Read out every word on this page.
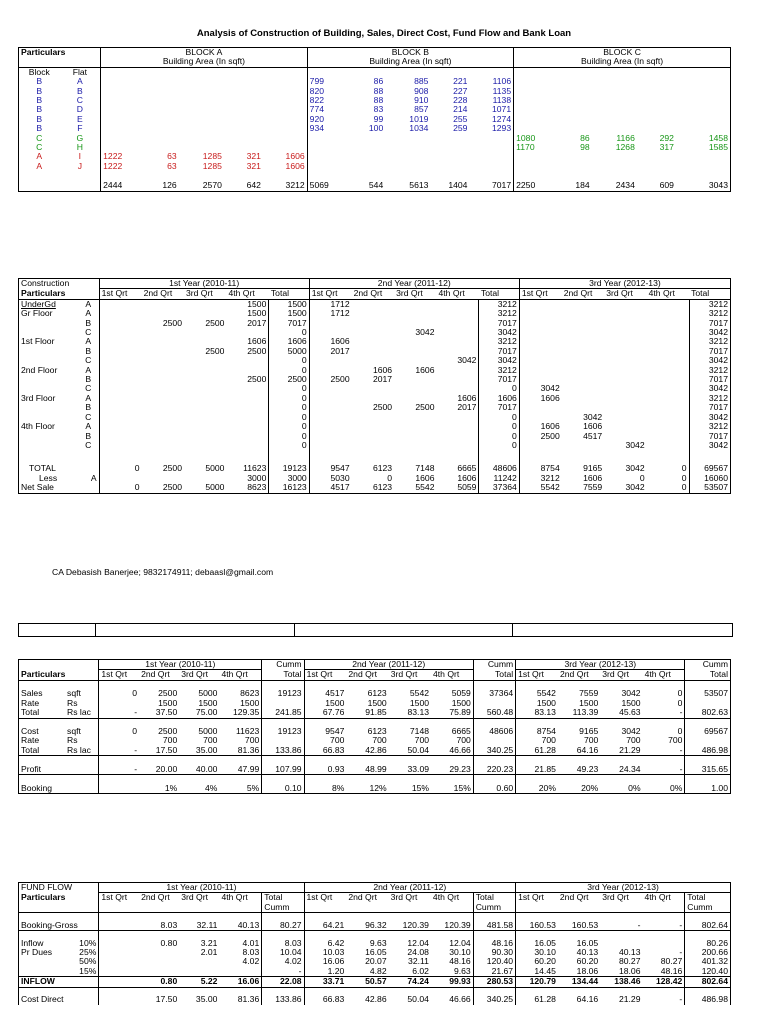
Analysis of Construction of Building, Sales, Direct Cost, Fund Flow and Bank Loan
Particulars		BLOCK A					BLOCK B					BLOCK C				
		Building Area (In sqft)					Building Area (In sqft)					Building Area (In sqft)				
Block	Flat															
B	A						799	86	885	221	1106					
B	B						820	88	908	227	1135					
B	C						822	88	910	228	1138					
B	D						774	83	857	214	1071					
B	E						920	99	1019	255	1274					
B	F						934	100	1034	259	1293					
C	G											1080	86	1166	292	1458
C	H											1170	98	1268	317	1585
A	I	1222	63	1285	321	1606										
A	J	1222	63	1285	321	1606										
		2444	126	2570	642	3212	5069	544	5613	1404	7017	2250	184	2434	609	3043
Construction		1st Year (2010-11)					2nd Year (2011-12)					3rd Year (2012-13)				
Particulars		1st Qrt	2nd Qrt	3rd Qrt	4th Qrt	Total	1st Qrt	2nd Qrt	3rd Qrt	4th Qrt	Total	1st Qrt	2nd Qrt	3rd Qrt	4th Qrt	Total
UnderGd	A				1500	1500	1712				3212					3212
Gr Floor	A				1500	1500	1712				3212					3212
	B		2500	2500	2017	7017					7017					7017
	C					0			3042		3042					3042
1st Floor	A				1606	1606	1606				3212					3212
	B			2500	2500	5000	2017				7017					7017
	C					0				3042	3042					3042
2nd Floor	A					0		1606	1606		3212					3212
	B				2500	2500	2500	2017			7017					7017
	C					0					0	3042				3042
3rd Floor	A					0				1606	1606	1606				3212
	B					0		2500	2500	2017	7017					7017
	C					0					0		3042			3042
4th Floor	A					0					0	1606	1606			3212
	B					0					0	2500	4517			7017
	C					0					0			3042		3042

TOTAL		0	2500	5000	11623	19123	9547	6123	7148	6665	48606	8754	9165	3042	0	69567
Less	A				3000	3000	5030	0	1606	1606	11242	3212	1606	0	0	16060
Net Sale		0	2500	5000	8623	16123	4517	6123	5542	5059	37364	5542	7559	3042	0	53507
CA Debasish Banerjee; 9832174911; debaasl@gmail.com
		1st Year (2010-11)				Cumm	2nd Year (2011-12)				Cumm	3rd Year (2012-13)				Cumm
Particulars		1st Qrt	2nd Qrt	3rd Qrt	4th Qrt	Total	1st Qrt	2nd Qrt	3rd Qrt	4th Qrt	Total	1st Qrt	2nd Qrt	3rd Qrt	4th Qrt	Total

Sales	sqft	0	2500	5000	8623	19123	4517	6123	5542	5059	37364	5542	7559	3042	0	53507
Rate	Rs		1500	1500	1500		1500	1500	1500	1500		1500	1500	1500	0	
Total	Rs lac	-	37.50	75.00	129.35	241.85	67.76	91.85	83.13	75.89	560.48	83.13	113.39	45.63	-	802.63

Cost	sqft	0	2500	5000	11623	19123	9547	6123	7148	6665	48606	8754	9165	3042	0	69567
Rate	Rs		700	700	700		700	700	700	700		700	700	700	700	
Total	Rs lac	-	17.50	35.00	81.36	133.86	66.83	42.86	50.04	46.66	340.25	61.28	64.16	21.29	-	486.98

Profit		-	20.00	40.00	47.99	107.99	0.93	48.99	33.09	29.23	220.23	21.85	49.23	24.34	-	315.65

Booking			1%	4%	5%	0.10	8%	12%	15%	15%	0.60	20%	20%	0%	0%	1.00
FUND FLOW		1st Year (2010-11)					2nd Year (2011-12)					3rd Year (2012-13)				
Particulars		1st Qrt	2nd Qrt	3rd Qrt	4th Qrt	Total	1st Qrt	2nd Qrt	3rd Qrt	4th Qrt	Total	1st Qrt	2nd Qrt	3rd Qrt	4th Qrt	Total
						Cumm					Cumm					Cumm

Booking-Gross			8.03	32.11	40.13	80.27	64.21	96.32	120.39	120.39	481.58	160.53	160.53	-	-	802.64

Inflow	10%		0.80	3.21	4.01	8.03	6.42	9.63	12.04	12.04	48.16	16.05	16.05			80.26
Pr Dues	25%			2.01	8.03	10.04	10.03	16.05	24.08	30.10	90.30	30.10	40.13	40.13	-	200.66
	50%				4.02	4.02	16.06	20.07	32.11	48.16	120.40	60.20	60.20	80.27	80.27	401.32
	15%					-	1.20	4.82	6.02	9.63	21.67	14.45	18.06	18.06	48.16	120.40
INFLOW			0.80	5.22	16.06	22.08	33.71	50.57	74.24	99.93	280.53	120.79	134.44	138.46	128.42	802.64

Cost Direct			17.50	35.00	81.36	133.86	66.83	42.86	50.04	46.66	340.25	61.28	64.16	21.29	-	486.98
